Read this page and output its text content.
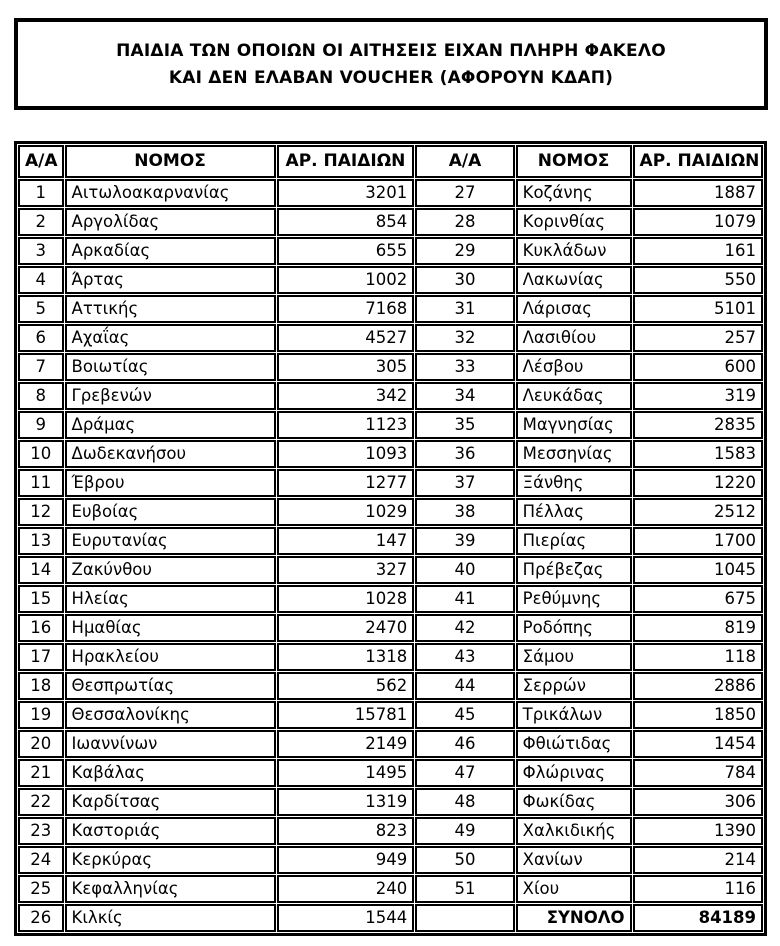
ΠΑΙΔΙΑ ΤΩΝ ΟΠΟΙΩΝ ΟΙ ΑΙΤΗΣΕΙΣ ΕΙΧΑΝ ΠΛΗΡΗ ΦΑΚΕΛΟ
ΚΑΙ ΔΕΝ ΕΛΑΒΑΝ VOUCHER (ΑΦΟΡΟΥΝ ΚΔΑΠ)
Α/Α	ΝΟΜΟΣ	ΑΡ. ΠΑΙΔΙΩΝ	Α/Α	ΝΟΜΟΣ	ΑΡ. ΠΑΙΔΙΩΝ
1	Αιτωλοακαρνανίας	3201	27	Κοζάνης	1887
2	Αργολίδας	854	28	Κορινθίας	1079
3	Αρκαδίας	655	29	Κυκλάδων	161
4	Άρτας	1002	30	Λακωνίας	550
5	Αττικής	7168	31	Λάρισας	5101
6	Αχαΐας	4527	32	Λασιθίου	257
7	Βοιωτίας	305	33	Λέσβου	600
8	Γρεβενών	342	34	Λευκάδας	319
9	Δράμας	1123	35	Μαγνησίας	2835
10	Δωδεκανήσου	1093	36	Μεσσηνίας	1583
11	Έβρου	1277	37	Ξάνθης	1220
12	Ευβοίας	1029	38	Πέλλας	2512
13	Ευρυτανίας	147	39	Πιερίας	1700
14	Ζακύνθου	327	40	Πρέβεζας	1045
15	Ηλείας	1028	41	Ρεθύμνης	675
16	Ημαθίας	2470	42	Ροδόπης	819
17	Ηρακλείου	1318	43	Σάμου	118
18	Θεσπρωτίας	562	44	Σερρών	2886
19	Θεσσαλονίκης	15781	45	Τρικάλων	1850
20	Ιωαννίνων	2149	46	Φθιώτιδας	1454
21	Καβάλας	1495	47	Φλώρινας	784
22	Καρδίτσας	1319	48	Φωκίδας	306
23	Καστοριάς	823	49	Χαλκιδικής	1390
24	Κερκύρας	949	50	Χανίων	214
25	Κεφαλληνίας	240	51	Χίου	116
26	Κιλκίς	1544		ΣΥΝΟΛΟ	84189
